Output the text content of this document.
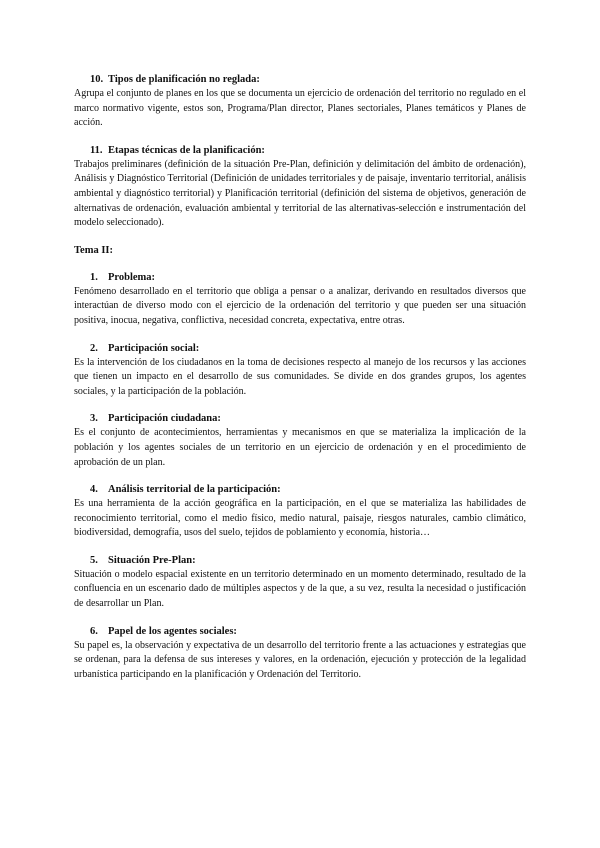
10. Tipos de planificación no reglada:

Agrupa el conjunto de planes en los que se documenta un ejercicio de ordenación del territorio no regulado en el marco normativo vigente, estos son, Programa/Plan director, Planes sectoriales, Planes temáticos y Planes de acción.

11. Etapas técnicas de la planificación:

Trabajos preliminares (definición de la situación Pre-Plan, definición y delimitación del ámbito de ordenación), Análisis y Diagnóstico Territorial (Definición de unidades territoriales y de paisaje, inventario territorial, análisis ambiental y diagnóstico territorial) y Planificación territorial (definición del sistema de objetivos, generación de alternativas de ordenación, evaluación ambiental y territorial de las alternativas-selección e instrumentación del modelo seleccionado).

Tema II:

1. Problema:

Fenómeno desarrollado en el territorio que obliga a pensar o a analizar, derivando en resultados diversos que interactúan de diverso modo con el ejercicio de la ordenación del territorio y que pueden ser una situación positiva, inocua, negativa, conflictiva, necesidad concreta, expectativa, entre otras.

2. Participación social:

Es la intervención de los ciudadanos en la toma de decisiones respecto al manejo de los recursos y las acciones que tienen un impacto en el desarrollo de sus comunidades. Se divide en dos grandes grupos, los agentes sociales, y la participación de la población.

3. Participación ciudadana:

Es el conjunto de acontecimientos, herramientas y mecanismos en que se materializa la implicación de la población y los agentes sociales de un territorio en un ejercicio de ordenación y en el procedimiento de aprobación de un plan.

4. Análisis territorial de la participación:

Es una herramienta de la acción geográfica en la participación, en el que se materializa las habilidades de reconocimiento territorial, como el medio físico, medio natural, paisaje, riesgos naturales, cambio climático, biodiversidad, demografía, usos del suelo, tejidos de poblamiento y economía, historia…

5. Situación Pre-Plan:

Situación o modelo espacial existente en un territorio determinado en un momento determinado, resultado de la confluencia en un escenario dado de múltiples aspectos y de la que, a su vez, resulta la necesidad o justificación de desarrollar un Plan.

6. Papel de los agentes sociales:

Su papel es, la observación y expectativa de un desarrollo del territorio frente a las actuaciones y estrategias que se ordenan, para la defensa de sus intereses y valores, en la ordenación, ejecución y protección de la legalidad urbanística participando en la planificación y Ordenación del Territorio.
